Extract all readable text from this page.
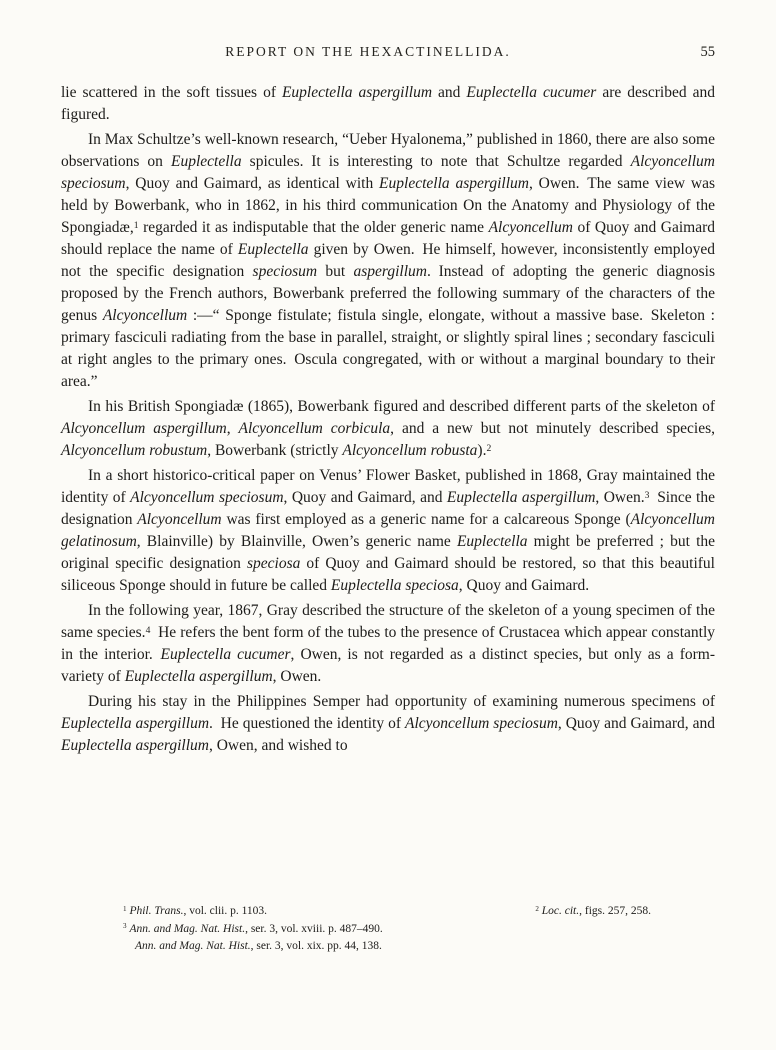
REPORT ON THE HEXACTINELLIDA.	55

lie scattered in the soft tissues of Euplectella aspergillum and Euplectella cucumer are described and figured.

In Max Schultze’s well-known research, “Ueber Hyalonema,” published in 1860, there are also some observations on Euplectella spicules. It is interesting to note that Schultze regarded Alcyoncellum speciosum, Quoy and Gaimard, as identical with Euplectella aspergillum, Owen. The same view was held by Bowerbank, who in 1862, in his third communication On the Anatomy and Physiology of the Spongiadæ,$^1$ regarded it as indisputable that the older generic name Alcyoncellum of Quoy and Gaimard should replace the name of Euplectella given by Owen. He himself, however, inconsistently employed not the specific designation speciosum but aspergillum. Instead of adopting the generic diagnosis proposed by the French authors, Bowerbank preferred the following summary of the characters of the genus Alcyoncellum :—“ Sponge fistulate; fistula single, elongate, without a massive base. Skeleton : primary fasciculi radiating from the base in parallel, straight, or slightly spiral lines ; secondary fasciculi at right angles to the primary ones. Oscula congregated, with or without a marginal boundary to their area.”

In his British Spongiadæ (1865), Bowerbank figured and described different parts of the skeleton of Alcyoncellum aspergillum, Alcyoncellum corbicula, and a new but not minutely described species, Alcyoncellum robustum, Bowerbank (strictly Alcyoncellum robusta).$^2$

In a short historico-critical paper on Venus’ Flower Basket, published in 1868, Gray maintained the identity of Alcyoncellum speciosum, Quoy and Gaimard, and Euplectella aspergillum, Owen.$^3$ Since the designation Alcyoncellum was first employed as a generic name for a calcareous Sponge (Alcyoncellum gelatinosum, Blainville) by Blainville, Owen’s generic name Euplectella might be preferred ; but the original specific designation speciosa of Quoy and Gaimard should be restored, so that this beautiful siliceous Sponge should in future be called Euplectella speciosa, Quoy and Gaimard.

In the following year, 1867, Gray described the structure of the skeleton of a young specimen of the same species.$^4$ He refers the bent form of the tubes to the presence of Crustacea which appear constantly in the interior. Euplectella cucumer, Owen, is not regarded as a distinct species, but only as a form-variety of Euplectella aspergillum, Owen.

During his stay in the Philippines Semper had opportunity of examining numerous specimens of Euplectella aspergillum. He questioned the identity of Alcyoncellum speciosum, Quoy and Gaimard, and Euplectella aspergillum, Owen, and wished to

$^1$ Phil. Trans., vol. clii. p. 1103.	$^2$ Loc. cit., figs. 257, 258.
$^3$ Ann. and Mag. Nat. Hist., ser. 3, vol. xviii. p. 487–490.
Ann. and Mag. Nat. Hist., ser. 3, vol. xix. pp. 44, 138.
